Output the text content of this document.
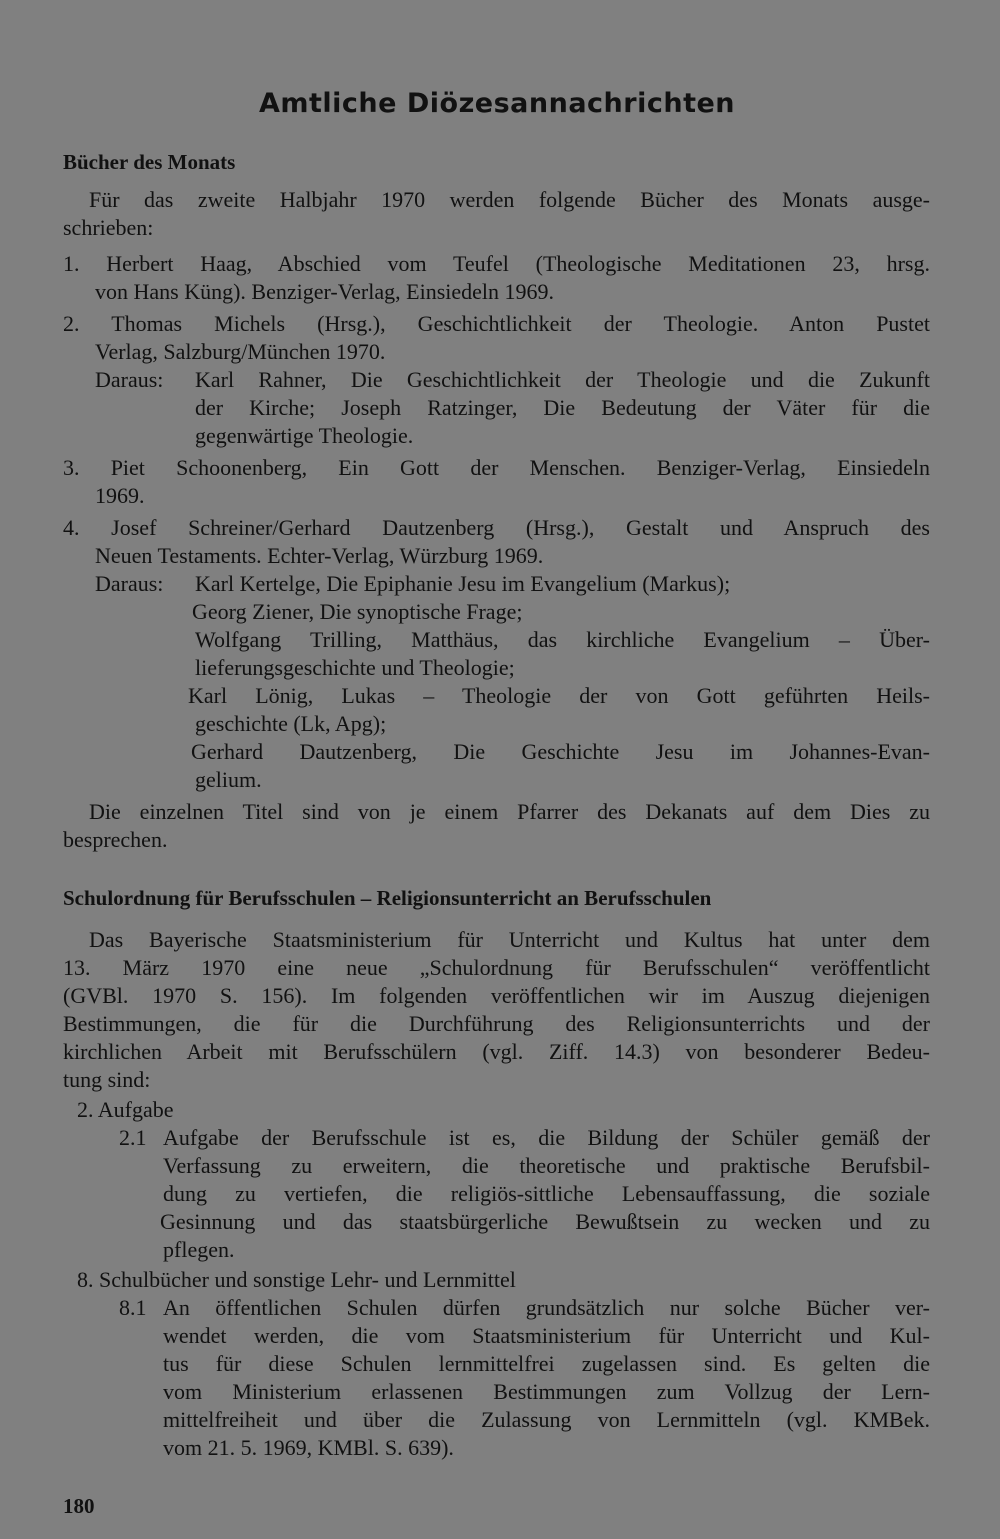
Amtliche Diözesannachrichten
Bücher des Monats
Für das zweite Halbjahr 1970 werden folgende Bücher des Monats ausge-
schrieben:
1. Herbert Haag, Abschied vom Teufel (Theologische Meditationen 23, hrsg.
von Hans Küng). Benziger-Verlag, Einsiedeln 1969.
2. Thomas Michels (Hrsg.), Geschichtlichkeit der Theologie. Anton Pustet
Verlag, Salzburg/München 1970.
Daraus: Karl Rahner, Die Geschichtlichkeit der Theologie und die Zukunft
der Kirche; Joseph Ratzinger, Die Bedeutung der Väter für die
gegenwärtige Theologie.
3. Piet Schoonenberg, Ein Gott der Menschen. Benziger-Verlag, Einsiedeln
1969.
4. Josef Schreiner/Gerhard Dautzenberg (Hrsg.), Gestalt und Anspruch des
Neuen Testaments. Echter-Verlag, Würzburg 1969.
Daraus: Karl Kertelge, Die Epiphanie Jesu im Evangelium (Markus);
Georg Ziener, Die synoptische Frage;
Wolfgang Trilling, Matthäus, das kirchliche Evangelium – Über-
lieferungsgeschichte und Theologie;
Karl Lönig, Lukas – Theologie der von Gott geführten Heils-
geschichte (Lk, Apg);
Gerhard Dautzenberg, Die Geschichte Jesu im Johannes-Evan-
gelium.
Die einzelnen Titel sind von je einem Pfarrer des Dekanats auf dem Dies zu
besprechen.
Schulordnung für Berufsschulen – Religionsunterricht an Berufsschulen
Das Bayerische Staatsministerium für Unterricht und Kultus hat unter dem
13. März 1970 eine neue „Schulordnung für Berufsschulen“ veröffentlicht
(GVBl. 1970 S. 156). Im folgenden veröffentlichen wir im Auszug diejenigen
Bestimmungen, die für die Durchführung des Religionsunterrichts und der
kirchlichen Arbeit mit Berufsschülern (vgl. Ziff. 14.3) von besonderer Bedeu-
tung sind:
2. Aufgabe
2.1 Aufgabe der Berufsschule ist es, die Bildung der Schüler gemäß der
Verfassung zu erweitern, die theoretische und praktische Berufsbil-
dung zu vertiefen, die religiös-sittliche Lebensauffassung, die soziale
Gesinnung und das staatsbürgerliche Bewußtsein zu wecken und zu
pflegen.
8. Schulbücher und sonstige Lehr- und Lernmittel
8.1 An öffentlichen Schulen dürfen grundsätzlich nur solche Bücher ver-
wendet werden, die vom Staatsministerium für Unterricht und Kul-
tus für diese Schulen lernmittelfrei zugelassen sind. Es gelten die
vom Ministerium erlassenen Bestimmungen zum Vollzug der Lern-
mittelfreiheit und über die Zulassung von Lernmitteln (vgl. KMBek.
vom 21. 5. 1969, KMBl. S. 639).
180
